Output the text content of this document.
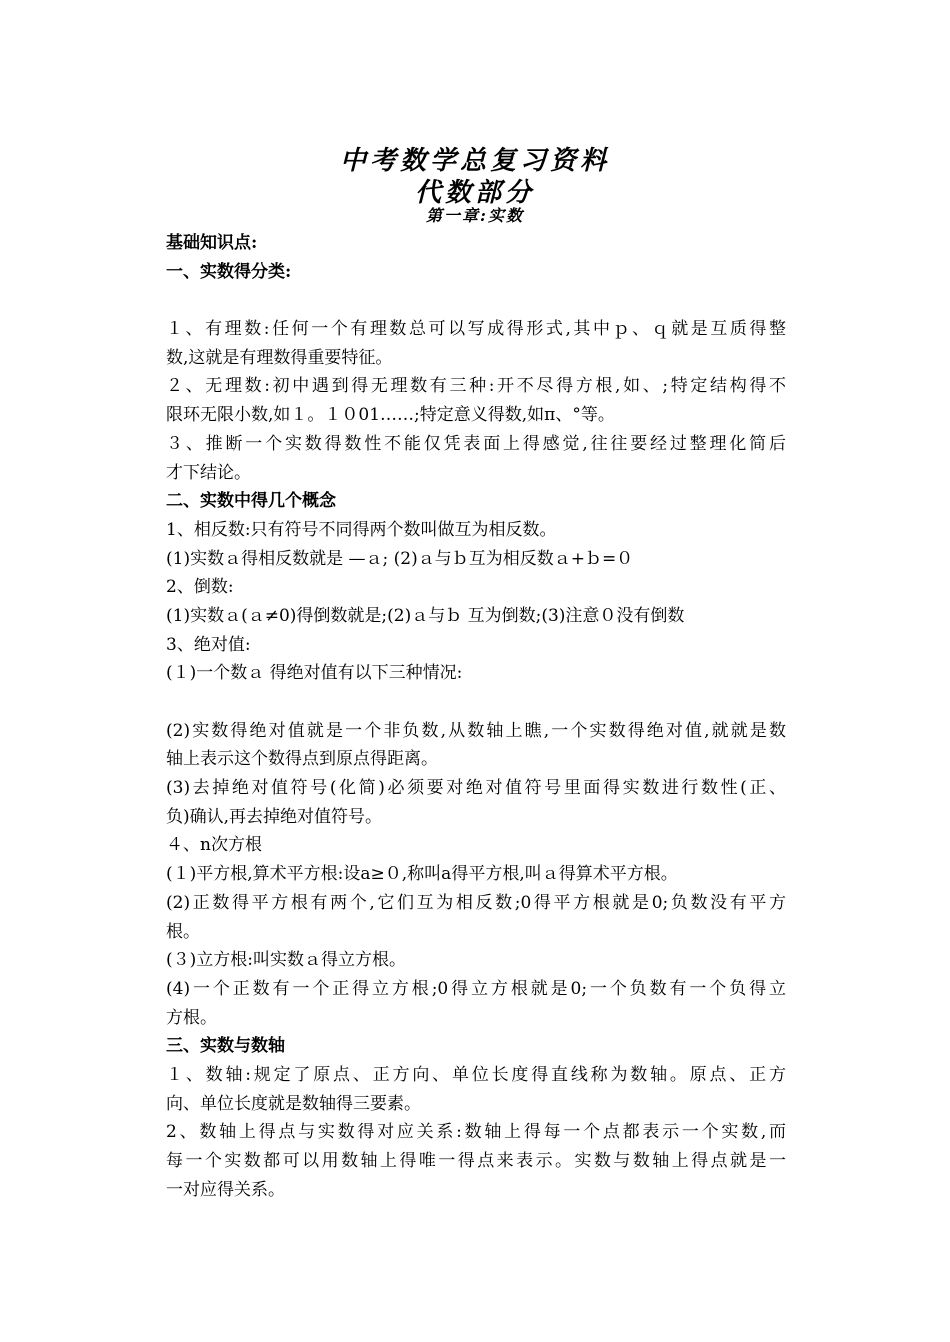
中考数学总复习资料
代数部分
第一章:实数
基础知识点:
一、实数得分类:
１、有理数:任何一个有理数总可以写成得形式,其中ｐ、ｑ就是互质得整
数,这就是有理数得重要特征。
２、无理数:初中遇到得无理数有三种:开不尽得方根,如、;特定结构得不
限环无限小数,如１。１０01……;特定意义得数,如π、°等。
３、推断一个实数得数性不能仅凭表面上得感觉,往往要经过整理化简后
才下结论。
二、实数中得几个概念
1、相反数:只有符号不同得两个数叫做互为相反数。
(1)实数ａ得相反数就是 —ａ; (2)ａ与ｂ互为相反数ａ+ｂ=０
2、倒数:
(1)实数ａ(ａ≠0)得倒数就是;(2)ａ与ｂ 互为倒数;(3)注意０没有倒数
3、绝对值:
(１)一个数ａ 得绝对值有以下三种情况:
(2)实数得绝对值就是一个非负数,从数轴上瞧,一个实数得绝对值,就就是数
轴上表示这个数得点到原点得距离。
(3)去掉绝对值符号(化简)必须要对绝对值符号里面得实数进行数性(正、
负)确认,再去掉绝对值符号。
４、n次方根
(１)平方根,算术平方根:设a≥０,称叫a得平方根,叫ａ得算术平方根。
(2)正数得平方根有两个,它们互为相反数;0得平方根就是0;负数没有平方
根。
(３)立方根:叫实数ａ得立方根。
(4)一个正数有一个正得立方根;0得立方根就是0;一个负数有一个负得立
方根。
三、实数与数轴
１、数轴:规定了原点、正方向、单位长度得直线称为数轴。原点、正方
向、单位长度就是数轴得三要素。
2、数轴上得点与实数得对应关系:数轴上得每一个点都表示一个实数,而
每一个实数都可以用数轴上得唯一得点来表示。实数与数轴上得点就是一
一对应得关系。
